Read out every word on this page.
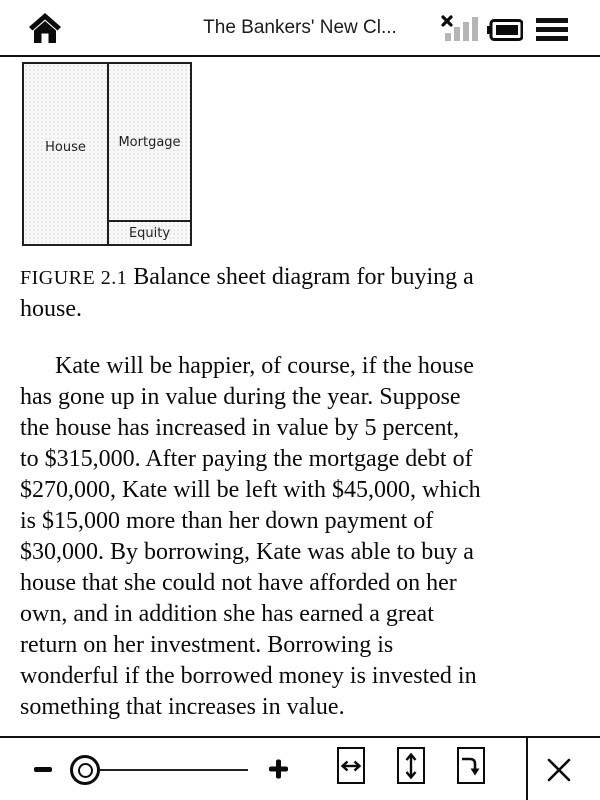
The Bankers' New Cl...
House	Mortgage
Equity
FIGURE 2.1 Balance sheet diagram for buying a
house.
Kate will be happier, of course, if the house
has gone up in value during the year. Suppose
the house has increased in value by 5 percent,
to $315,000. After paying the mortgage debt of
$270,000, Kate will be left with $45,000, which
is $15,000 more than her down payment of
$30,000. By borrowing, Kate was able to buy a
house that she could not have afforded on her
own, and in addition she has earned a great
return on her investment. Borrowing is
wonderful if the borrowed money is invested in
something that increases in value.
